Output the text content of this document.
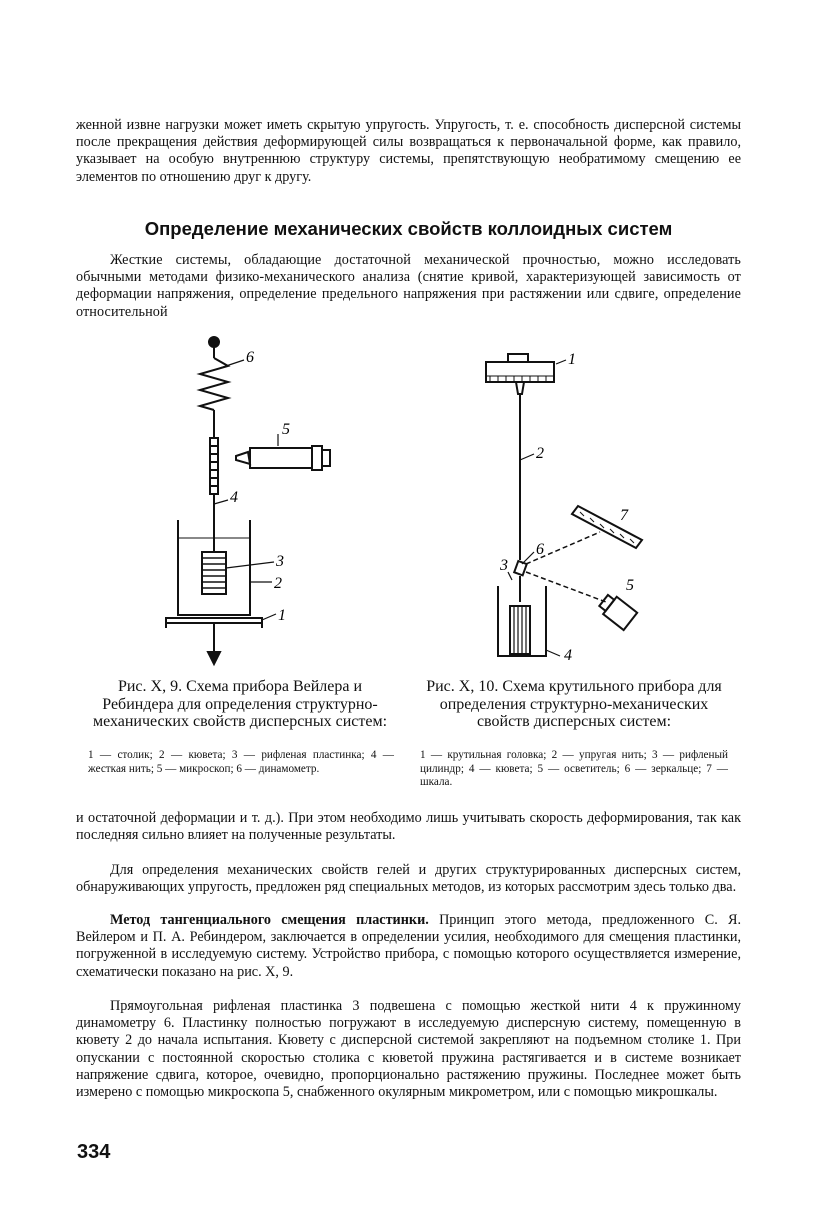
женной извне нагрузки может иметь скрытую упругость. Упругость, т. е. способность дисперсной системы после прекращения действия деформирующей силы возвращаться к первоначальной форме, как правило, указывает на особую внутреннюю структуру системы, препятствующую необратимому смещению ее элементов по отношению друг к другу.

Определение механических свойств коллоидных систем

Жесткие системы, обладающие достаточной механической прочностью, можно исследовать обычными методами физико-механического анализа (снятие кривой, характеризующей зависимость от деформации напряжения, определение предельного напряжения при растяжении или сдвиге, определение относительной

6
5
4
3
2
1
1
2
7
6
3
5
4

Рис. X, 9. Схема прибора Вейлера и Ребиндера для определения структурно-механических свойств дисперсных систем:

1 — столик; 2 — кювета; 3 — рифленая пластинка; 4 — жесткая нить; 5 — микроскоп; 6 — динамометр.

Рис. X, 10. Схема крутильного прибора для определения структурно-механических свойств дисперсных систем:

1 — крутильная головка; 2 — упругая нить; 3 — рифленый цилиндр; 4 — кювета; 5 — осветитель; 6 — зеркальце; 7 — шкала.

и остаточной деформации и т. д.). При этом необходимо лишь учитывать скорость деформирования, так как последняя сильно влияет на полученные результаты.

Для определения механических свойств гелей и других структурированных дисперсных систем, обнаруживающих упругость, предложен ряд специальных методов, из которых рассмотрим здесь только два.

Метод тангенциального смещения пластинки. Принцип этого метода, предложенного С. Я. Вейлером и П. А. Ребиндером, заключается в определении усилия, необходимого для смещения пластинки, погруженной в исследуемую систему. Устройство прибора, с помощью которого осуществляется измерение, схематически показано на рис. X, 9.

Прямоугольная рифленая пластинка 3 подвешена с помощью жесткой нити 4 к пружинному динамометру 6. Пластинку полностью погружают в исследуемую дисперсную систему, помещенную в кювету 2 до начала испытания. Кювету с дисперсной системой закрепляют на подъемном столике 1. При опускании с постоянной скоростью столика с кюветой пружина растягивается и в системе возникает напряжение сдвига, которое, очевидно, пропорционально растяжению пружины. Последнее может быть измерено с помощью микроскопа 5, снабженного окулярным микрометром, или с помощью микрошкалы.

334
